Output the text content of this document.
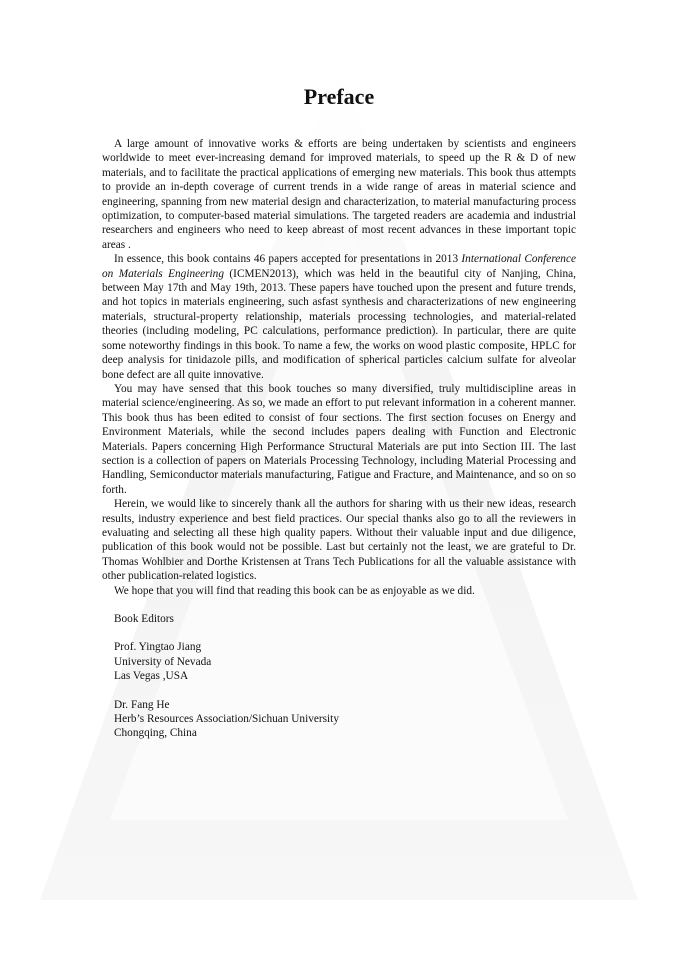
Preface

A large amount of innovative works & efforts are being undertaken by scientists and engineers worldwide to meet ever-increasing demand for improved materials, to speed up the R & D of new materials, and to facilitate the practical applications of emerging new materials. This book thus attempts to provide an in-depth coverage of current trends in a wide range of areas in material science and engineering, spanning from new material design and characterization, to material manufacturing process optimization, to computer-based material simulations. The targeted readers are academia and industrial researchers and engineers who need to keep abreast of most recent advances in these important topic areas .

In essence, this book contains 46 papers accepted for presentations in 2013 International Conference on Materials Engineering (ICMEN2013), which was held in the beautiful city of Nanjing, China, between May 17th and May 19th, 2013. These papers have touched upon the present and future trends, and hot topics in materials engineering, such asfast synthesis and characterizations of new engineering materials, structural-property relationship, materials processing technologies, and material-related theories (including modeling, PC calculations, performance prediction). In particular, there are quite some noteworthy findings in this book. To name a few, the works on wood plastic composite, HPLC for deep analysis for tinidazole pills, and modification of spherical particles calcium sulfate for alveolar bone defect are all quite innovative.

You may have sensed that this book touches so many diversified, truly multidiscipline areas in material science/engineering. As so, we made an effort to put relevant information in a coherent manner. This book thus has been edited to consist of four sections. The first section focuses on Energy and Environment Materials, while the second includes papers dealing with Function and Electronic Materials. Papers concerning High Performance Structural Materials are put into Section III. The last section is a collection of papers on Materials Processing Technology, including Material Processing and Handling, Semiconductor materials manufacturing, Fatigue and Fracture, and Maintenance, and so on so forth.

Herein, we would like to sincerely thank all the authors for sharing with us their new ideas, research results, industry experience and best field practices. Our special thanks also go to all the reviewers in evaluating and selecting all these high quality papers. Without their valuable input and due diligence, publication of this book would not be possible. Last but certainly not the least, we are grateful to Dr. Thomas Wohlbier and Dorthe Kristensen at Trans Tech Publications for all the valuable assistance with other publication-related logistics.

We hope that you will find that reading this book can be as enjoyable as we did.

Book Editors
Prof. Yingtao Jiang
University of Nevada
Las Vegas ,USA
Dr. Fang He
Herb’s Resources Association/Sichuan University
Chongqing, China
